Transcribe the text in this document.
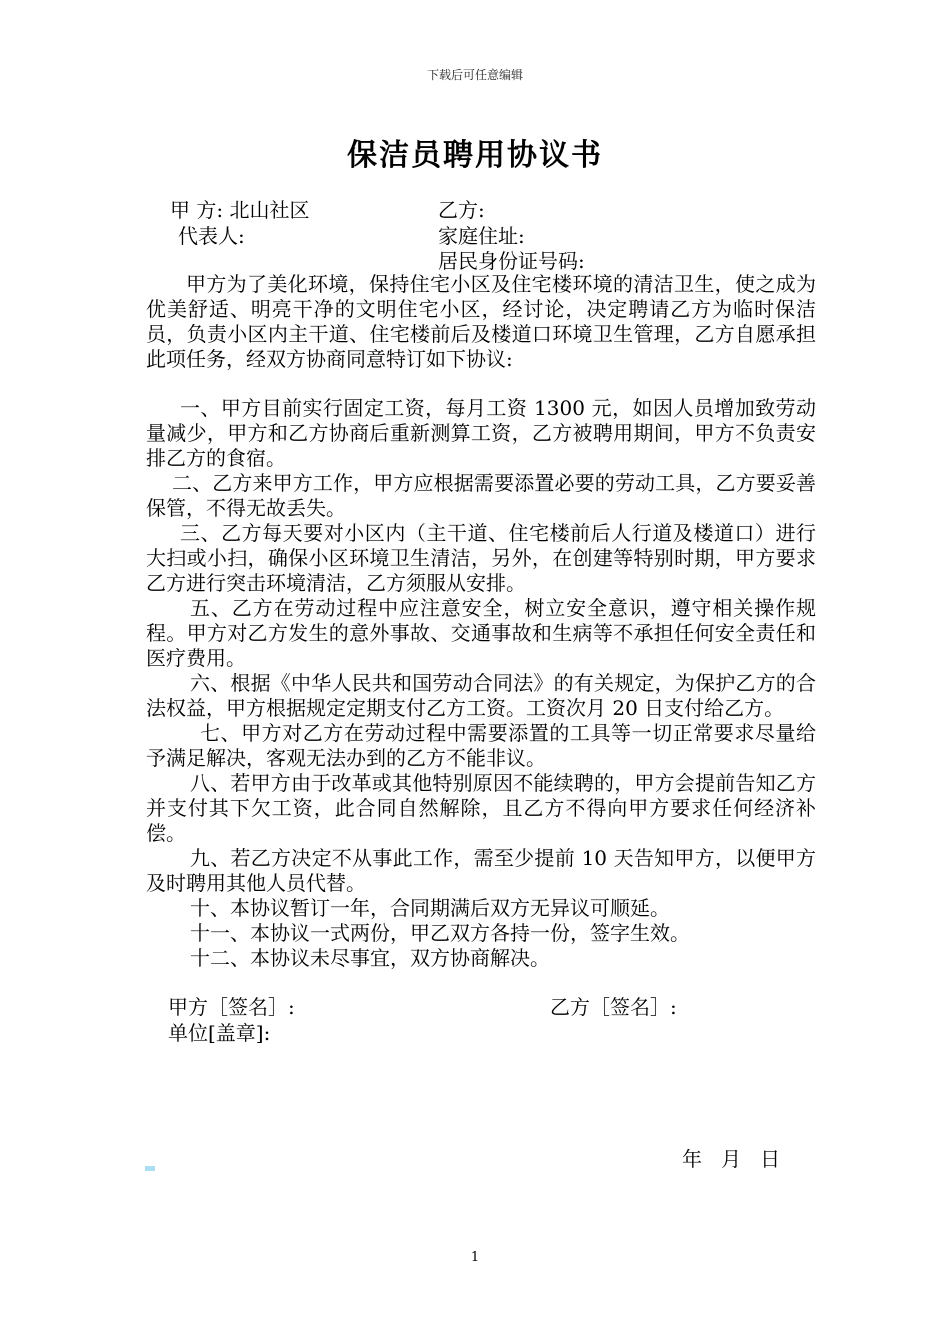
下载后可任意编辑
保洁员聘用协议书
甲 方: 北山社区	乙方:
代表人:	家庭住址:
居民身份证号码:

甲方为了美化环境，保持住宅小区及住宅楼环境的清洁卫生，使之成为优美舒适、明亮干净的文明住宅小区，经讨论，决定聘请乙方为临时保洁员，负责小区内主干道、住宅楼前后及楼道口环境卫生管理，乙方自愿承担此项任务，经双方协商同意特订如下协议:

一、甲方目前实行固定工资，每月工资 1300 元，如因人员增加致劳动量减少，甲方和乙方协商后重新测算工资，乙方被聘用期间，甲方不负责安排乙方的食宿。

二、乙方来甲方工作，甲方应根据需要添置必要的劳动工具，乙方要妥善保管，不得无故丢失。

三、乙方每天要对小区内（主干道、住宅楼前后人行道及楼道口）进行大扫或小扫，确保小区环境卫生清洁，另外，在创建等特别时期，甲方要求乙方进行突击环境清洁，乙方须服从安排。

五、乙方在劳动过程中应注意安全，树立安全意识，遵守相关操作规程。甲方对乙方发生的意外事故、交通事故和生病等不承担任何安全责任和医疗费用。

六、根据《中华人民共和国劳动合同法》的有关规定，为保护乙方的合法权益，甲方根据规定定期支付乙方工资。工资次月 20 日支付给乙方。

七、甲方对乙方在劳动过程中需要添置的工具等一切正常要求尽量给予满足解决，客观无法办到的乙方不能非议。

八、若甲方由于改革或其他特别原因不能续聘的，甲方会提前告知乙方并支付其下欠工资，此合同自然解除，且乙方不得向甲方要求任何经济补偿。

九、若乙方决定不从事此工作，需至少提前 10 天告知甲方，以便甲方及时聘用其他人员代替。

十、本协议暂订一年，合同期满后双方无异议可顺延。

十一、本协议一式两份，甲乙双方各持一份，签字生效。

十二、本协议未尽事宜，双方协商解决。

甲方［签名］:	乙方［签名］:
单位[盖章]:
年   月   日
1
